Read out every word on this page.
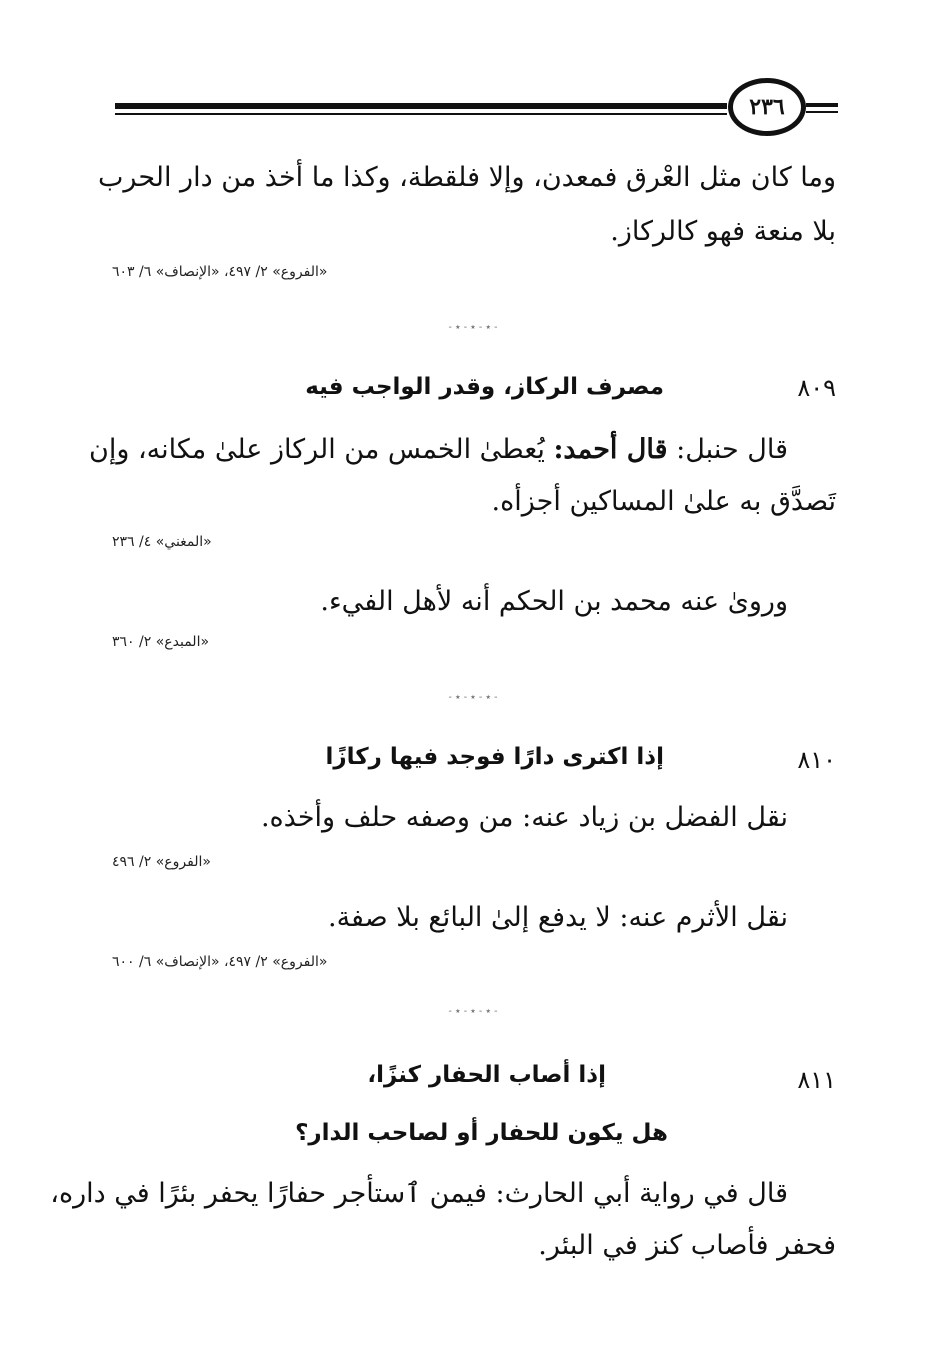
٢٣٦
وما كان مثل العْرق فمعدن، وإلا فلقطة، وكذا ما أخذ من دار الحرب
بلا منعة فهو كالركاز.
«الفروع» ٢/ ٤٩٧، «الإنصاف» ٦/ ٦٠٣
- ٭ - ٭ - ٭ -
٨٠٩
مصرف الركاز، وقدر الواجب فيه
قال حنبل: قال أحمد: يُعطىٰ الخمس من الركاز علىٰ مكانه، وإن
تَصدَّق به علىٰ المساكين أجزأه.
«المغني» ٤/ ٢٣٦
وروىٰ عنه محمد بن الحكم أنه لأهل الفيء.
«المبدع» ٢/ ٣٦٠
- ٭ - ٭ - ٭ -
٨١٠
إذا اكترى دارًا فوجد فيها ركازًا
نقل الفضل بن زياد عنه: من وصفه حلف وأخذه.
«الفروع» ٢/ ٤٩٦
نقل الأثرم عنه: لا يدفع إلىٰ البائع بلا صفة.
«الفروع» ٢/ ٤٩٧، «الإنصاف» ٦/ ٦٠٠
- ٭ - ٭ - ٭ -
٨١١
إذا أصاب الحفار كنزًا،
هل يكون للحفار أو لصاحب الدار؟
قال في رواية أبي الحارث: فيمن ٱستأجر حفارًا يحفر بئرًا في داره،
فحفر فأصاب كنز في البئر.
